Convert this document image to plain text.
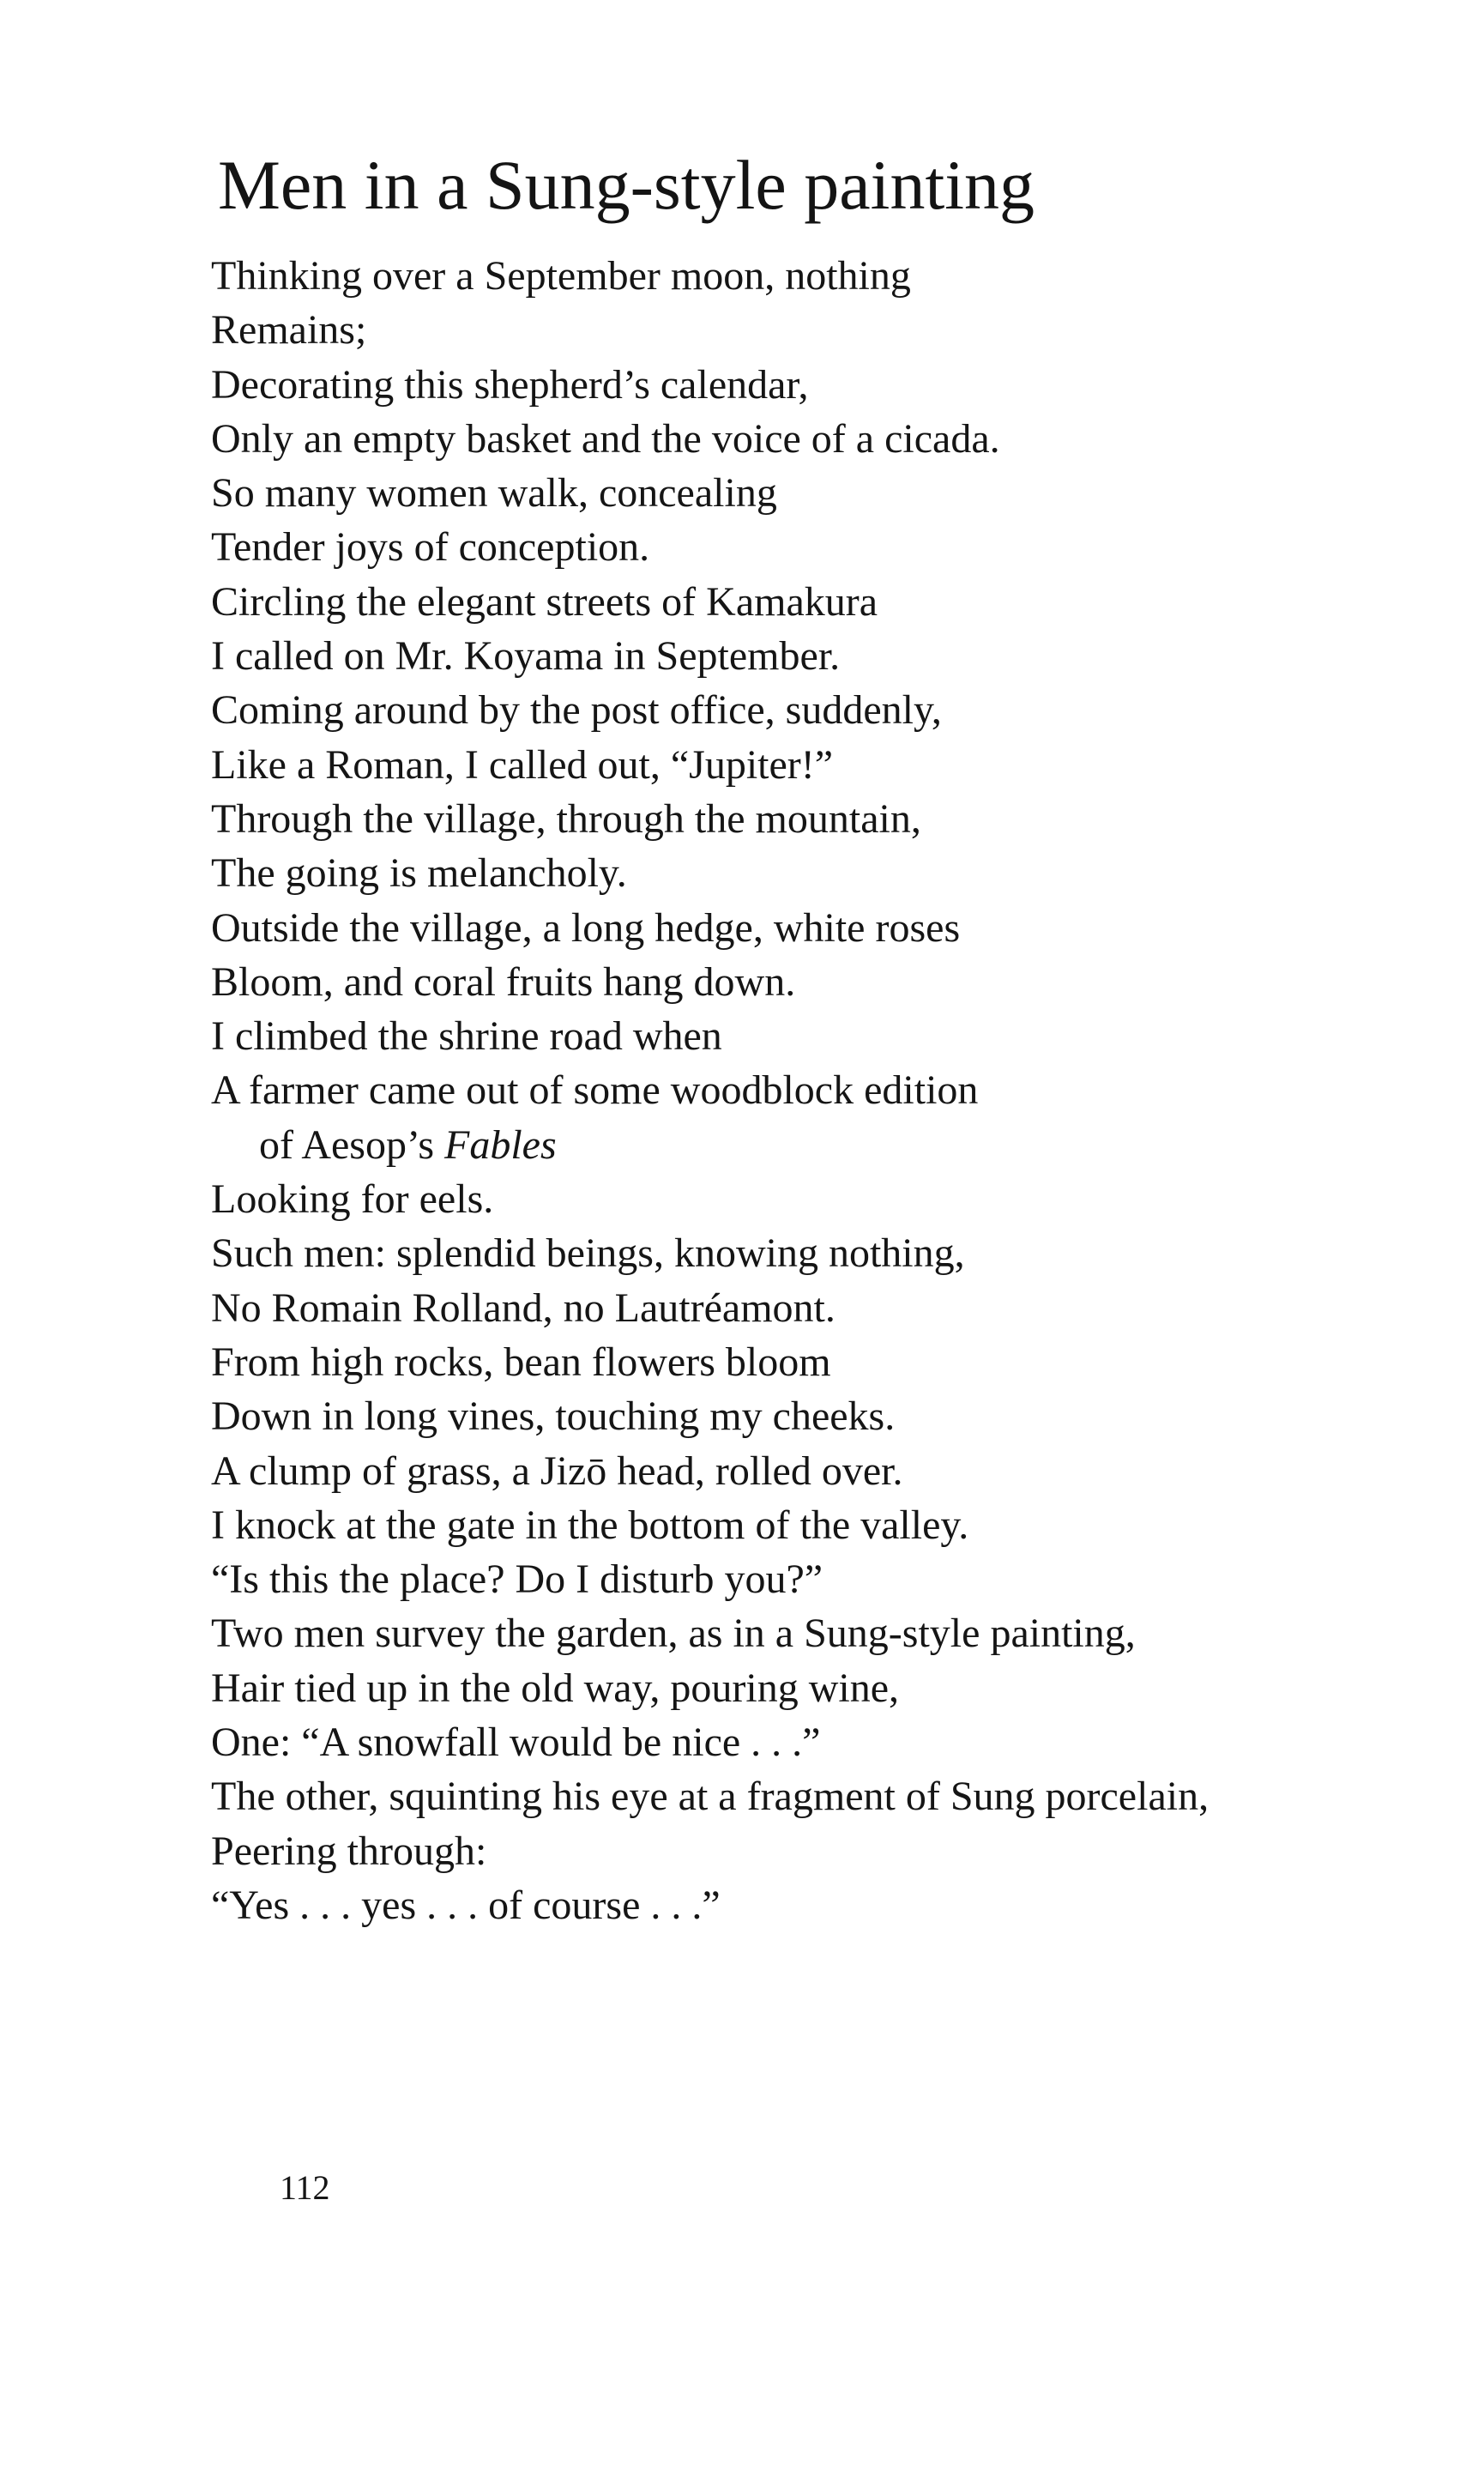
Men in a Sung-style painting
Thinking over a September moon, nothing
Remains;
Decorating this shepherd’s calendar,
Only an empty basket and the voice of a cicada.
So many women walk, concealing
Tender joys of conception.
Circling the elegant streets of Kamakura
I called on Mr. Koyama in September.
Coming around by the post office, suddenly,
Like a Roman, I called out, “Jupiter!”
Through the village, through the mountain,
The going is melancholy.
Outside the village, a long hedge, white roses
Bloom, and coral fruits hang down.
I climbed the shrine road when
A farmer came out of some woodblock edition
of Aesop’s Fables
Looking for eels.
Such men: splendid beings, knowing nothing,
No Romain Rolland, no Lautréamont.
From high rocks, bean flowers bloom
Down in long vines, touching my cheeks.
A clump of grass, a Jizō head, rolled over.
I knock at the gate in the bottom of the valley.
“Is this the place? Do I disturb you?”
Two men survey the garden, as in a Sung-style painting,
Hair tied up in the old way, pouring wine,
One: “A snowfall would be nice . . .”
The other, squinting his eye at a fragment of Sung porcelain,
Peering through:
“Yes . . . yes . . . of course . . .”
112
